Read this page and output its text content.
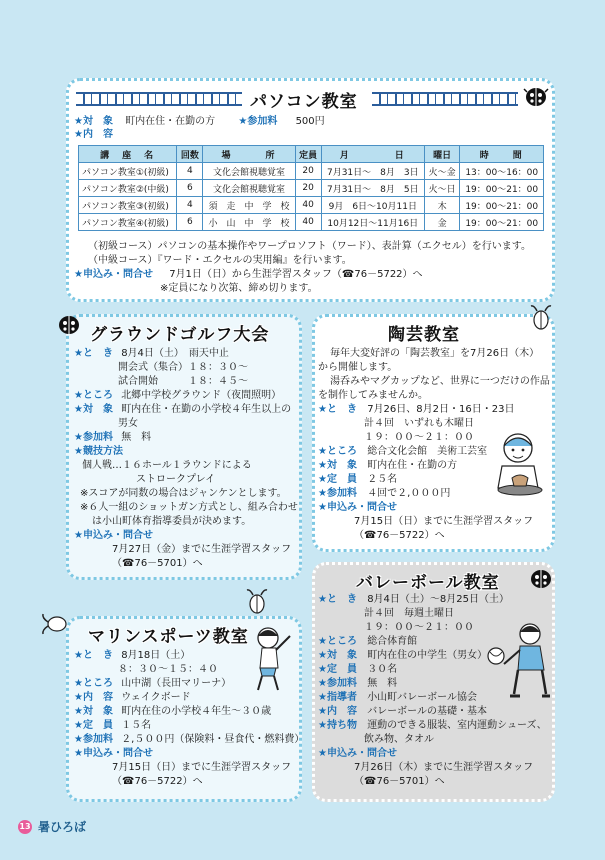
パソコン教室
★対　象 町内在住・在勤の方 ★参加料 500円
★内　容
講　座　名	回数	場　　　所	定員	月　　　　日	曜日	時　　間
パソコン教室①(初級)	4	文化会館視聴覚室	20	7月31日～　8月　3日	火～金	13：00～16：00
パソコン教室②(中級)	6	文化会館視聴覚室	20	7月31日～　8月　5日	火～日	19：00～21：00
パソコン教室③(初級)	4	須　走　中　学　校	40	9月　6日～10月11日	木	19：00～21：00
パソコン教室④(初級)	6	小　山　中　学　校	40	10月12日～11月16日	金	19：00～21：00
（初級コース）パソコンの基本操作やワープロソフト（ワード）、表計算（エクセル）を行います。
（中級コース）『ワード・エクセルの実用編』を行います。
★申込み・問合せ 7月1日（日）から生涯学習スタッフ（☎76－5722）へ
※定員になり次第、締め切ります。
グラウンドゴルフ大会
★と　き 8月4日（土）　雨天中止
開会式（集合）１８：３０～
試合開始　　　１８：４５～
★ところ 北郷中学校グラウンド（夜間照明）
★対　象 町内在住・在勤の小学校４年生以上の
男女
★参加料 無　料
★競技方法
個人戦…１６ホール１ラウンドによる
ストロークプレイ
※スコアが同数の場合はジャンケンとします。
※６人一組のショットガン方式とし、組み合わせ
は小山町体育指導委員が決めます。
★申込み・問合せ
7月27日（金）までに生涯学習スタッフ
（☎76－5701）へ
陶芸教室
毎年大変好評の「陶芸教室」を7月26日（木）
から開催します。
湯呑みやマグカップなど、世界に一つだけの作品
を制作してみませんか。
★と　き 7月26日、8月2日・16日・23日
計４回　いずれも木曜日
１９：００～２１：００
★ところ 総合文化会館　美術工芸室
★対　象 町内在住・在勤の方
★定　員 ２５名
★参加料 ４回で２,０００円
★申込み・問合せ
7月15日（日）までに生涯学習スタッフ
（☎76－5722）へ
マリンスポーツ教室
★と　き 8月18日（土）
８：３０～１５：４０
★ところ 山中湖（長田マリーナ）
★内　容 ウェイクボード
★対　象 町内在住の小学校４年生～３０歳
★定　員 １５名
★参加料 ２,５００円（保険料・昼食代・燃料費）
★申込み・問合せ
7月15日（日）までに生涯学習スタッフ
（☎76－5722）へ
バレーボール教室
★と　き 8月4日（土）～8月25日（土）
計４回　毎週土曜日
１９：００～２１：００
★ところ 総合体育館
★対　象 町内在住の中学生（男女）
★定　員 ３０名
★参加料 無　料
★指導者 小山町バレーボール協会
★内　容 バレーボールの基礎・基本
★持ち物 運動のできる服装、室内運動シューズ、
飲み物、タオル
★申込み・問合せ
7月26日（木）までに生涯学習スタッフ
（☎76－5701）へ
13 暑ひろば
